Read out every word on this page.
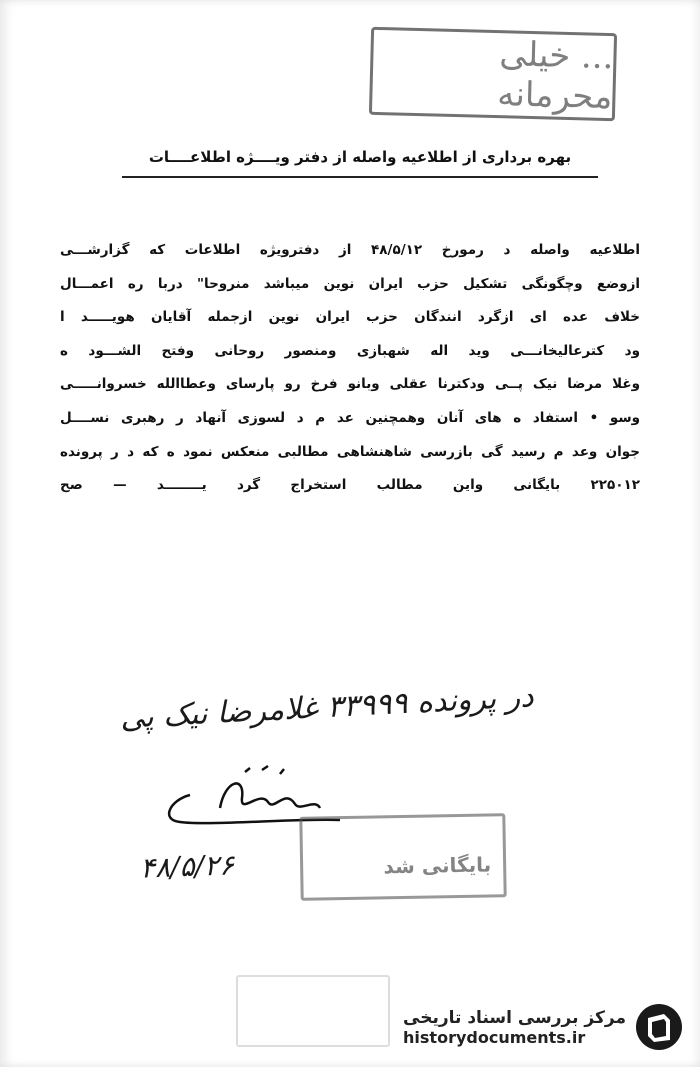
... خیلی محرمانه
بهره برداری از اطلاعیه واصله از دفتر ویــــژه اطلاعــــات
اطلاعیه واصله د رمورخ ۴۸/۵/۱۲ از دفترویژه اطلاعات که گزارشـــی
ازوضع وچگونگی تشکیل حزب ایران نوین میباشد منروحا" دربا ره اعمـــال
خلاف عده ای ازگرد انندگان حزب ایران نوین ازجمله آقایان هویـــــد ا
ود کترعالیخانـــی وید اله شهبازی ومنصور روحانی وفتح الشـــود ه
وغلا مرضا نیک پــی ودکترنا عقلی وبانو فرخ رو پارسای وعطاالله خسروانـــــی
وسو • استفاد ه های آنان وهمچنین عد م د لسوزی آنهاد ر رهبری نســــل
جوان وعد م رسید گی بازرسی شاهنشاهی مطالبی منعکس نمود ه که د ر پرونده
۲۲۵۰۱۲ بایگانی واین مطالب استخراج گرد یــــــــد — صح
در پرونده ۳۳۹۹۹ غلامرضا نیک پی
بایگانی شد
۴۸/۵/۲۶
مرکز بررسی اسناد تاریخی
historydocuments.ir
